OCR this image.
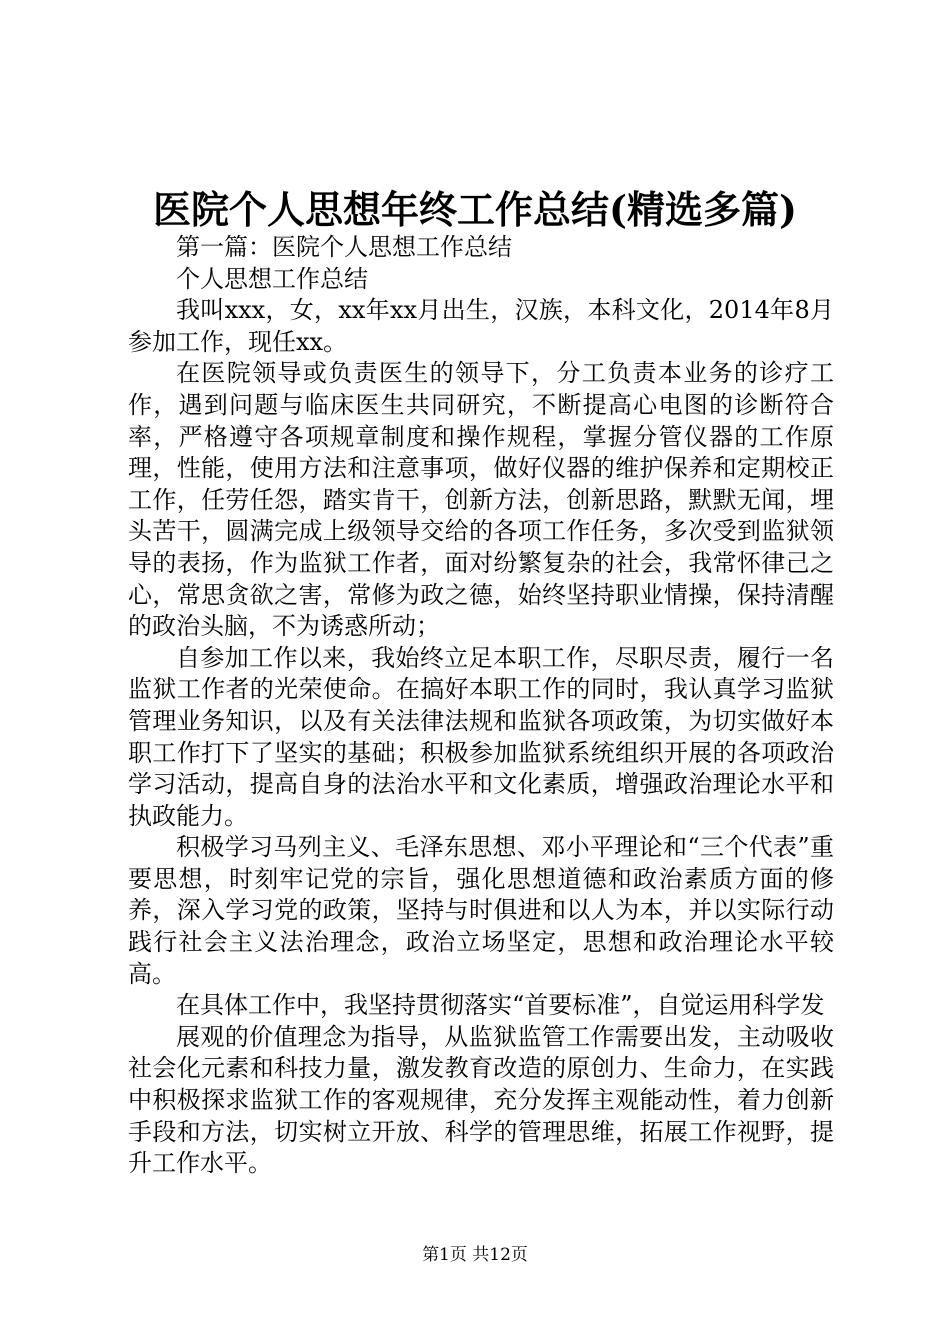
医院个人思想年终工作总结(精选多篇)

第一篇：医院个人思想工作总结

个人思想工作总结

我叫xxx，女，xx年xx月出生，汉族，本科文化，2014年8月参加工作，现任xx。

在医院领导或负责医生的领导下，分工负责本业务的诊疗工作，遇到问题与临床医生共同研究，不断提高心电图的诊断符合率，严格遵守各项规章制度和操作规程，掌握分管仪器的工作原理，性能，使用方法和注意事项，做好仪器的维护保养和定期校正工作，任劳任怨，踏实肯干，创新方法，创新思路，默默无闻，埋头苦干，圆满完成上级领导交给的各项工作任务，多次受到监狱领导的表扬，作为监狱工作者，面对纷繁复杂的社会，我常怀律己之心，常思贪欲之害，常修为政之德，始终坚持职业情操，保持清醒的政治头脑，不为诱惑所动；

自参加工作以来，我始终立足本职工作，尽职尽责，履行一名监狱工作者的光荣使命。在搞好本职工作的同时，我认真学习监狱管理业务知识，以及有关法律法规和监狱各项政策，为切实做好本职工作打下了坚实的基础；积极参加监狱系统组织开展的各项政治学习活动，提高自身的法治水平和文化素质，增强政治理论水平和执政能力。

积极学习马列主义、毛泽东思想、邓小平理论和“三个代表”重要思想，时刻牢记党的宗旨，强化思想道德和政治素质方面的修养，深入学习党的政策，坚持与时俱进和以人为本，并以实际行动践行社会主义法治理念，政治立场坚定，思想和政治理论水平较高。

在具体工作中，我坚持贯彻落实“首要标准”，自觉运用科学发

展观的价值理念为指导，从监狱监管工作需要出发，主动吸收社会化元素和科技力量，激发教育改造的原创力、生命力，在实践中积极探求监狱工作的客观规律，充分发挥主观能动性，着力创新手段和方法，切实树立开放、科学的管理思维，拓展工作视野，提升工作水平。

第1页 共12页
